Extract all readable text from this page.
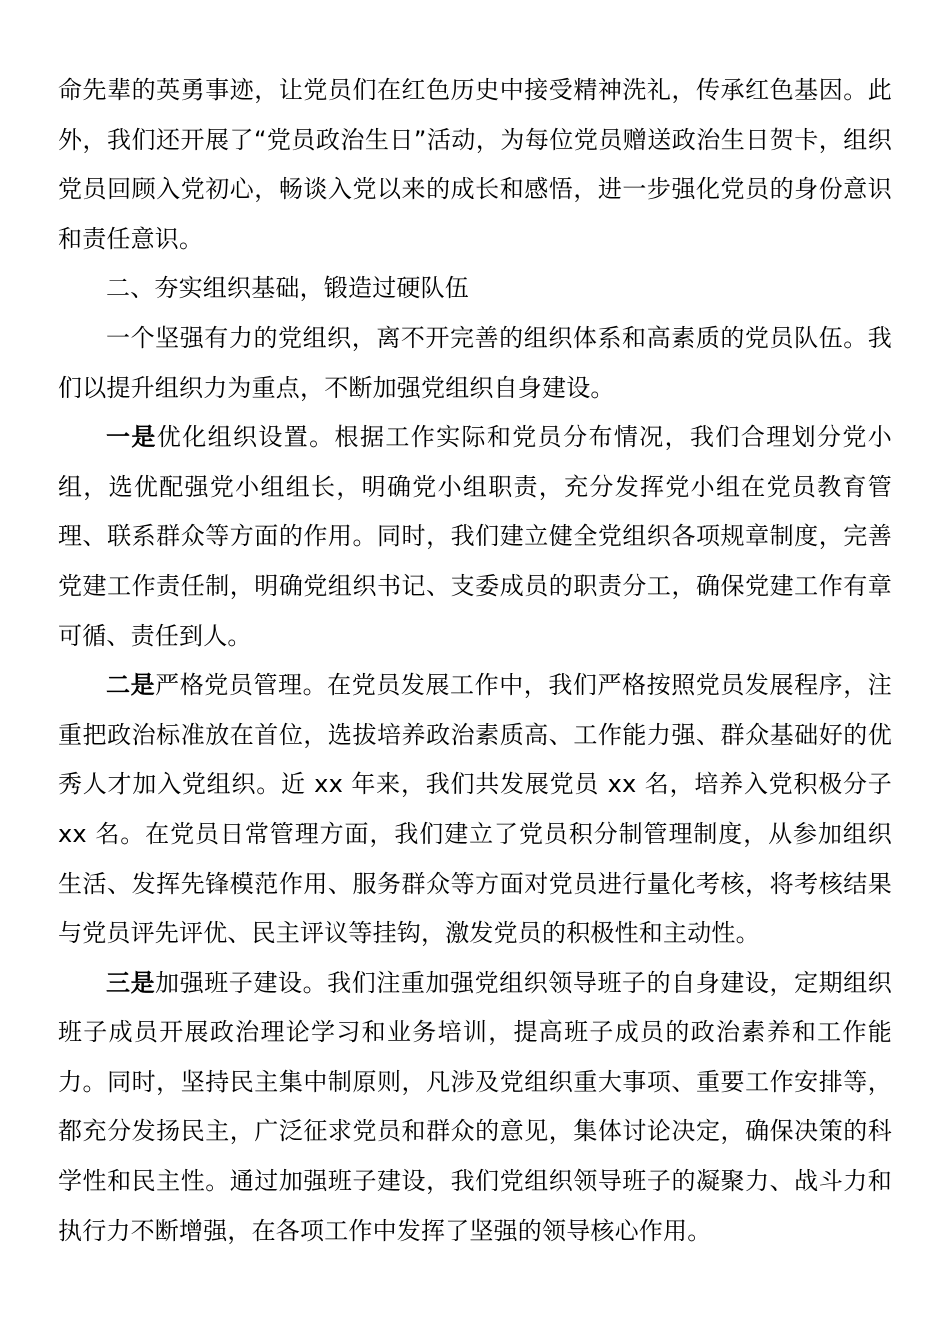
命先辈的英勇事迹，让党员们在红色历史中接受精神洗礼，传承红色基因。此外，我们还开展了“党员政治生日”活动，为每位党员赠送政治生日贺卡，组织党员回顾入党初心，畅谈入党以来的成长和感悟，进一步强化党员的身份意识和责任意识。

二、夯实组织基础，锻造过硬队伍

一个坚强有力的党组织，离不开完善的组织体系和高素质的党员队伍。我们以提升组织力为重点，不断加强党组织自身建设。

一是优化组织设置。根据工作实际和党员分布情况，我们合理划分党小组，选优配强党小组组长，明确党小组职责，充分发挥党小组在党员教育管理、联系群众等方面的作用。同时，我们建立健全党组织各项规章制度，完善党建工作责任制，明确党组织书记、支委成员的职责分工，确保党建工作有章可循、责任到人。

二是严格党员管理。在党员发展工作中，我们严格按照党员发展程序，注重把政治标准放在首位，选拔培养政治素质高、工作能力强、群众基础好的优秀人才加入党组织。近 xx 年来，我们共发展党员 xx 名，培养入党积极分子 xx 名。在党员日常管理方面，我们建立了党员积分制管理制度，从参加组织生活、发挥先锋模范作用、服务群众等方面对党员进行量化考核，将考核结果与党员评先评优、民主评议等挂钩，激发党员的积极性和主动性。

三是加强班子建设。我们注重加强党组织领导班子的自身建设，定期组织班子成员开展政治理论学习和业务培训，提高班子成员的政治素养和工作能力。同时，坚持民主集中制原则，凡涉及党组织重大事项、重要工作安排等，都充分发扬民主，广泛征求党员和群众的意见，集体讨论决定，确保决策的科学性和民主性。通过加强班子建设，我们党组织领导班子的凝聚力、战斗力和执行力不断增强，在各项工作中发挥了坚强的领导核心作用。
